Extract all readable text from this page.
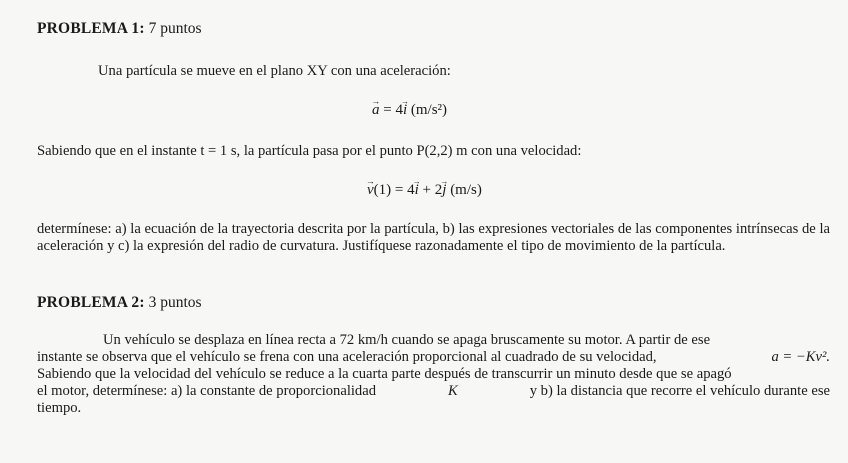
PROBLEMA 1: 7 puntos
Una partícula se mueve en el plano XY con una aceleración:
a → = 4i → (m/s²)
Sabiendo que en el instante t = 1 s, la partícula pasa por el punto P(2,2) m con una velocidad:
v →(1) = 4i → + 2j → (m/s)
determínese: a) la ecuación de la trayectoria descrita por la partícula, b) las expresiones vectoriales de las componentes intrínsecas de la aceleración y c) la expresión del radio de curvatura. Justifíquese razonadamente el tipo de movimiento de la partícula.
PROBLEMA 2: 3 puntos
Un vehículo se desplaza en línea recta a 72 km/h cuando se apaga bruscamente su motor. A partir de ese
instante se observa que el vehículo se frena con una aceleración proporcional al cuadrado de su velocidad,	a = −Kv².
Sabiendo que la velocidad del vehículo se reduce a la cuarta parte después de transcurrir un minuto desde que se apagó
el motor, determínese: a) la constante de proporcionalidad	K	y b) la distancia que recorre el vehículo durante ese
tiempo.
